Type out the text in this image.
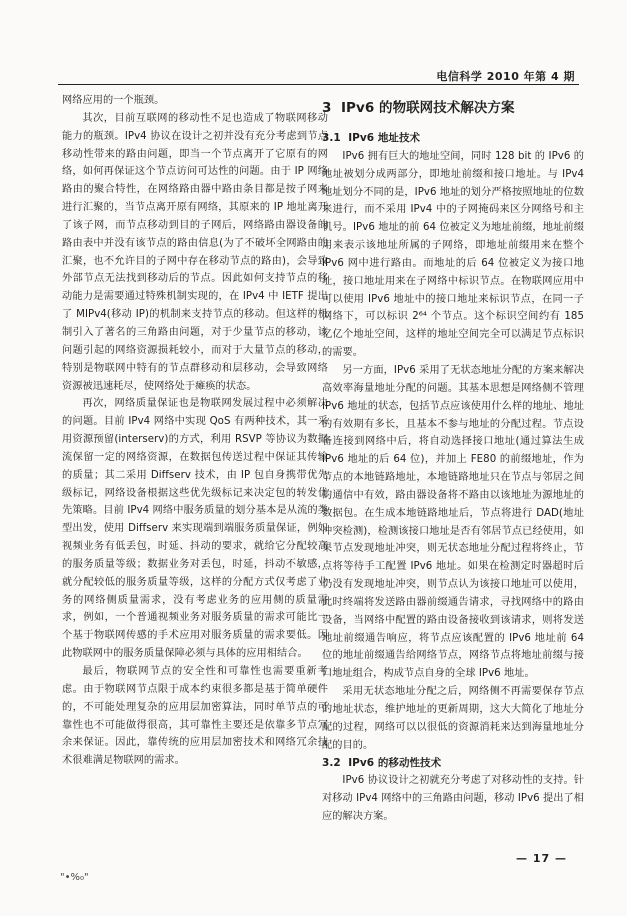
电信科学 2010 年第 4 期

网络应用的一个瓶颈。

其次，目前互联网的移动性不足也造成了物联网移动能力的瓶颈。IPv4 协议在设计之初并没有充分考虑到节点移动性带来的路由问题，即当一个节点离开了它原有的网络，如何再保证这个节点访问可达性的问题。由于 IP 网络路由的聚合特性，在网络路由器中路由条目都是按子网来进行汇聚的，当节点离开原有网络，其原来的 IP 地址离开了该子网，而节点移动到目的子网后，网络路由器设备的路由表中并没有该节点的路由信息(为了不破坏全网路由的汇聚，也不允许目的子网中存在移动节点的路由)，会导致外部节点无法找到移动后的节点。因此如何支持节点的移动能力是需要通过特殊机制实现的，在 IPv4 中 IETF 提出了 MIPv4(移动 IP)的机制来支持节点的移动。但这样的机制引入了著名的三角路由问题，对于少量节点的移动，该问题引起的网络资源损耗较小，而对于大量节点的移动，特别是物联网中特有的节点群移动和层移动，会导致网络资源被迅速耗尽，使网络处于瘫痪的状态。

再次，网络质量保证也是物联网发展过程中必须解决的问题。目前 IPv4 网络中实现 QoS 有两种技术，其一采用资源预留(interserv)的方式，利用 RSVP 等协议为数据流保留一定的网络资源，在数据包传送过程中保证其传输的质量；其二采用 Diffserv 技术，由 IP 包自身携带优先级标记，网络设备根据这些优先级标记来决定包的转发优先策略。目前 IPv4 网络中服务质量的划分基本是从流的类型出发，使用 Diffserv 来实现端到端服务质量保证，例如视频业务有低丢包，时延、抖动的要求，就给它分配较高的服务质量等级；数据业务对丢包，时延，抖动不敏感，就分配较低的服务质量等级，这样的分配方式仅考虑了业务的网络侧质量需求，没有考虑业务的应用侧的质量需求，例如，一个普通视频业务对服务质量的需求可能比一个基于物联网传感的手术应用对服务质量的需求要低。因此物联网中的服务质量保障必须与具体的应用相结合。

最后，物联网节点的安全性和可靠性也需要重新考虑。由于物联网节点限于成本约束很多都是基于简单硬件的，不可能处理复杂的应用层加密算法，同时单节点的可靠性也不可能做得很高，其可靠性主要还是依靠多节点冗余来保证。因此，靠传统的应用层加密技术和网络冗余技术很难满足物联网的需求。

3 IPv6 的物联网技术解决方案
3.1 IPv6 地址技术

IPv6 拥有巨大的地址空间，同时 128 bit 的 IPv6 的地址被划分成两部分，即地址前缀和接口地址。与 IPv4 地址划分不同的是，IPv6 地址的划分严格按照地址的位数来进行，而不采用 IPv4 中的子网掩码来区分网络号和主机号。IPv6 地址的前 64 位被定义为地址前缀，地址前缀用来表示该地址所属的子网络，即地址前缀用来在整个 IPv6 网中进行路由。而地址的后 64 位被定义为接口地址，接口地址用来在子网络中标识节点。在物联网应用中可以使用 IPv6 地址中的接口地址来标识节点，在同一子网络下，可以标识 2⁶⁴ 个节点。这个标识空间约有 185 亿亿个地址空间，这样的地址空间完全可以满足节点标识的需要。

另一方面，IPv6 采用了无状态地址分配的方案来解决高效率海量地址分配的问题。其基本思想是网络侧不管理 IPv6 地址的状态，包括节点应该使用什么样的地址、地址的有效期有多长，且基本不参与地址的分配过程。节点设备连接到网络中后，将自动选择接口地址(通过算法生成 IPv6 地址的后 64 位)，并加上 FE80 的前缀地址，作为节点的本地链路地址，本地链路地址只在节点与邻居之间的通信中有效，路由器设备将不路由以该地址为源地址的数据包。在生成本地链路地址后，节点将进行 DAD(地址冲突检测)，检测该接口地址是否有邻居节点已经使用，如果节点发现地址冲突，则无状态地址分配过程将终止，节点将等待手工配置 IPv6 地址。如果在检测定时器超时后仍没有发现地址冲突，则节点认为该接口地址可以使用，此时终端将发送路由器前缀通告请求，寻找网络中的路由设备，当网络中配置的路由设备接收到该请求，则将发送地址前缀通告响应，将节点应该配置的 IPv6 地址前 64 位的地址前缀通告给网络节点，网络节点将地址前缀与接口地址组合，构成节点自身的全球 IPv6 地址。

采用无状态地址分配之后，网络侧不再需要保存节点的地址状态，维护地址的更新周期，这大大简化了地址分配的过程，网络可以以很低的资源消耗来达到海量地址分配的目的。

3.2 IPv6 的移动性技术

IPv6 协议设计之初就充分考虑了对移动性的支持。针对移动 IPv4 网络中的三角路由问题，移动 IPv6 提出了相应的解决方案。

— 17 —
"•%₀"
